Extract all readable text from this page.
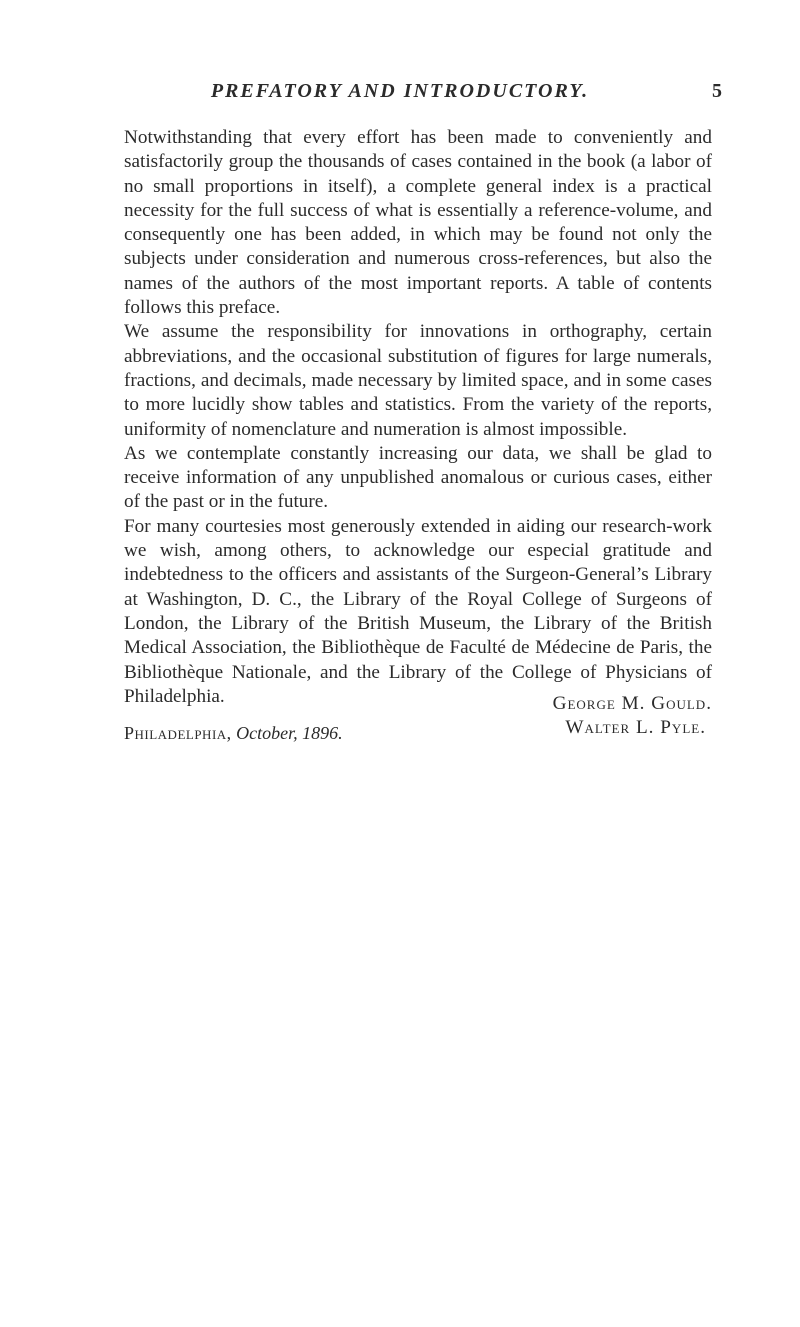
PREFATORY AND INTRODUCTORY.	5

Notwithstanding that every effort has been made to conveniently and satisfactorily group the thousands of cases contained in the book (a labor of no small proportions in itself), a complete general index is a practical necessity for the full success of what is essentially a reference-volume, and consequently one has been added, in which may be found not only the subjects under consideration and numerous cross-references, but also the names of the authors of the most important reports. A table of contents follows this preface.

We assume the responsibility for innovations in orthography, certain abbreviations, and the occasional substitution of figures for large numerals, fractions, and decimals, made necessary by limited space, and in some cases to more lucidly show tables and statistics. From the variety of the reports, uniformity of nomenclature and numeration is almost impossible.

As we contemplate constantly increasing our data, we shall be glad to receive information of any unpublished anomalous or curious cases, either of the past or in the future.

For many courtesies most generously extended in aiding our research-work we wish, among others, to acknowledge our especial gratitude and indebtedness to the officers and assistants of the Surgeon-General’s Library at Washington, D. C., the Library of the Royal College of Surgeons of London, the Library of the British Museum, the Library of the British Medical Association, the Bibliothèque de Faculté de Médecine de Paris, the Bibliothèque Nationale, and the Library of the College of Physicians of Philadelphia.	George M. Gould.
Walter L. Pyle.
Philadelphia, October, 1896.
